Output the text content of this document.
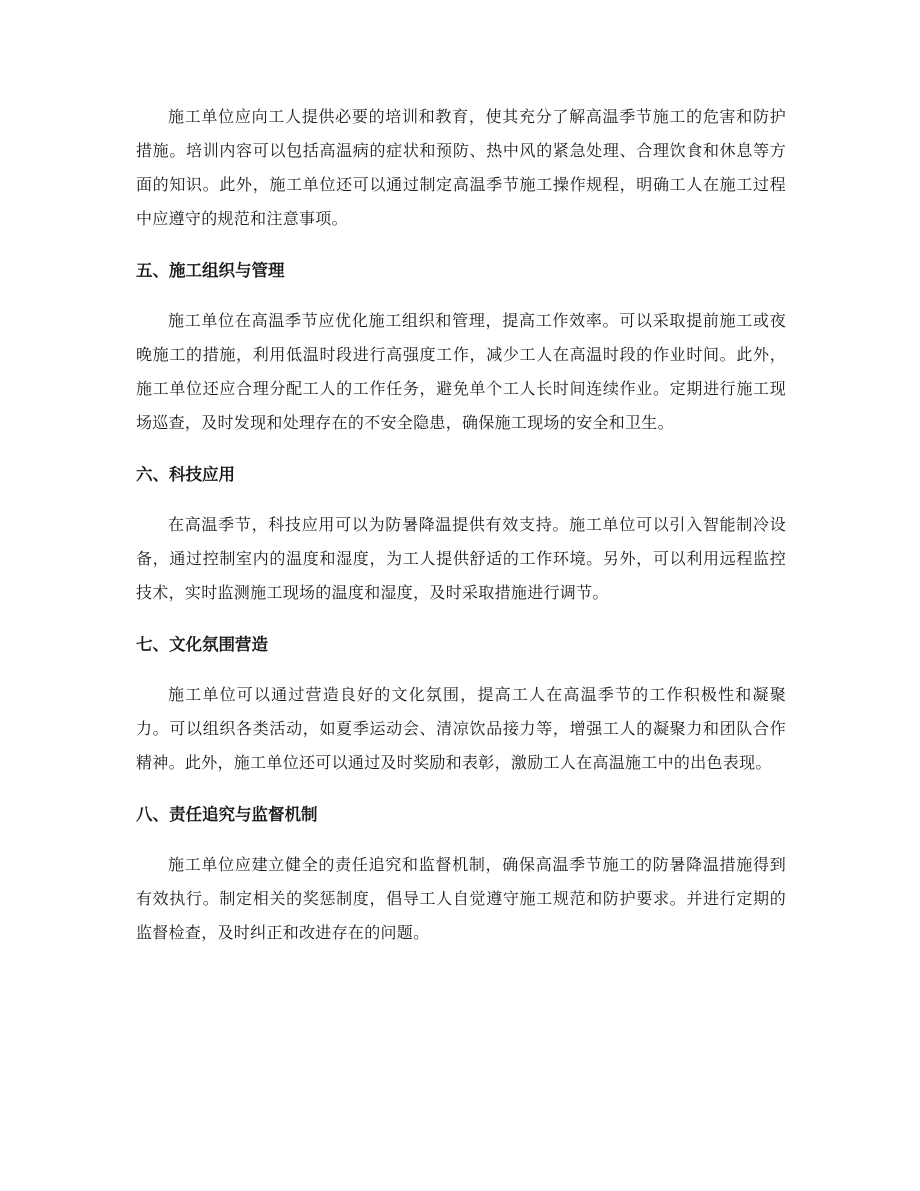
施工单位应向工人提供必要的培训和教育，使其充分了解高温季节施工的危害和防护措施。培训内容可以包括高温病的症状和预防、热中风的紧急处理、合理饮食和休息等方面的知识。此外，施工单位还可以通过制定高温季节施工操作规程，明确工人在施工过程中应遵守的规范和注意事项。

五、施工组织与管理

施工单位在高温季节应优化施工组织和管理，提高工作效率。可以采取提前施工或夜晚施工的措施，利用低温时段进行高强度工作，减少工人在高温时段的作业时间。此外，施工单位还应合理分配工人的工作任务，避免单个工人长时间连续作业。定期进行施工现场巡查，及时发现和处理存在的不安全隐患，确保施工现场的安全和卫生。

六、科技应用

在高温季节，科技应用可以为防暑降温提供有效支持。施工单位可以引入智能制冷设备，通过控制室内的温度和湿度，为工人提供舒适的工作环境。另外，可以利用远程监控技术，实时监测施工现场的温度和湿度，及时采取措施进行调节。

七、文化氛围营造

施工单位可以通过营造良好的文化氛围，提高工人在高温季节的工作积极性和凝聚力。可以组织各类活动，如夏季运动会、清凉饮品接力等，增强工人的凝聚力和团队合作精神。此外，施工单位还可以通过及时奖励和表彰，激励工人在高温施工中的出色表现。

八、责任追究与监督机制

施工单位应建立健全的责任追究和监督机制，确保高温季节施工的防暑降温措施得到有效执行。制定相关的奖惩制度，倡导工人自觉遵守施工规范和防护要求。并进行定期的监督检查，及时纠正和改进存在的问题。
